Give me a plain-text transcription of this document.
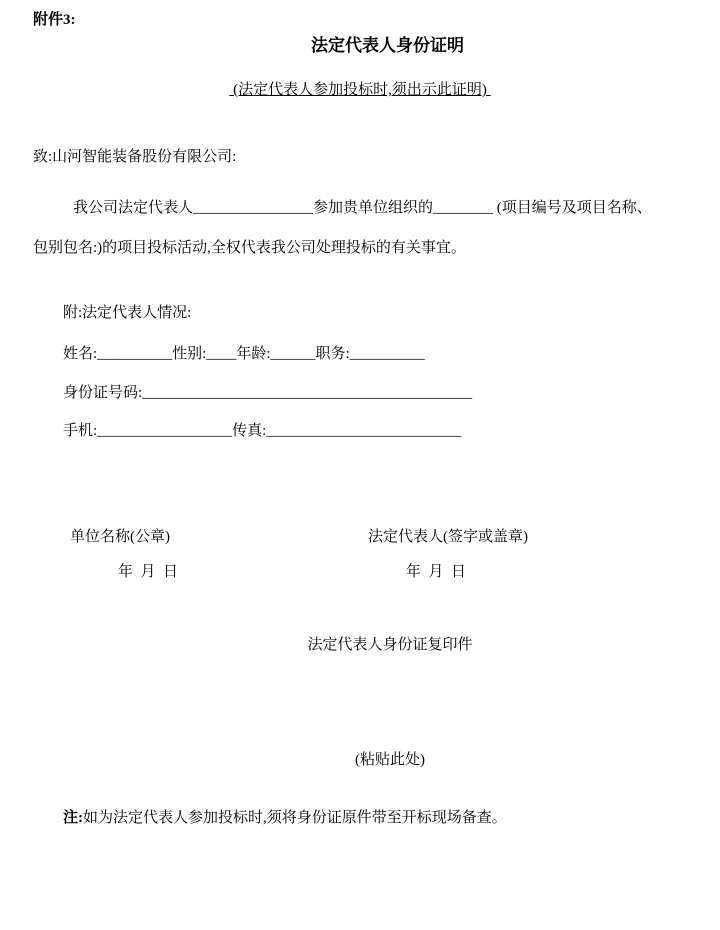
附件3:
法定代表人身份证明
(法定代表人参加投标时,须出示此证明)
致:山河智能装备股份有限公司:
我公司法定代表人________________参加贵单位组织的________ (项目编号及项目名称、
包别包名:)的项目投标活动,全权代表我公司处理投标的有关事宜。
附:法定代表人情况:
姓名:__________性别:____年龄:______职务:__________
身份证号码:____________________________________________
手机:__________________传真:__________________________
单位名称(公章)	法定代表人(签字或盖章)
年  月  日	年  月  日
法定代表人身份证复印件
(粘贴此处)
注:如为法定代表人参加投标时,须将身份证原件带至开标现场备查。
